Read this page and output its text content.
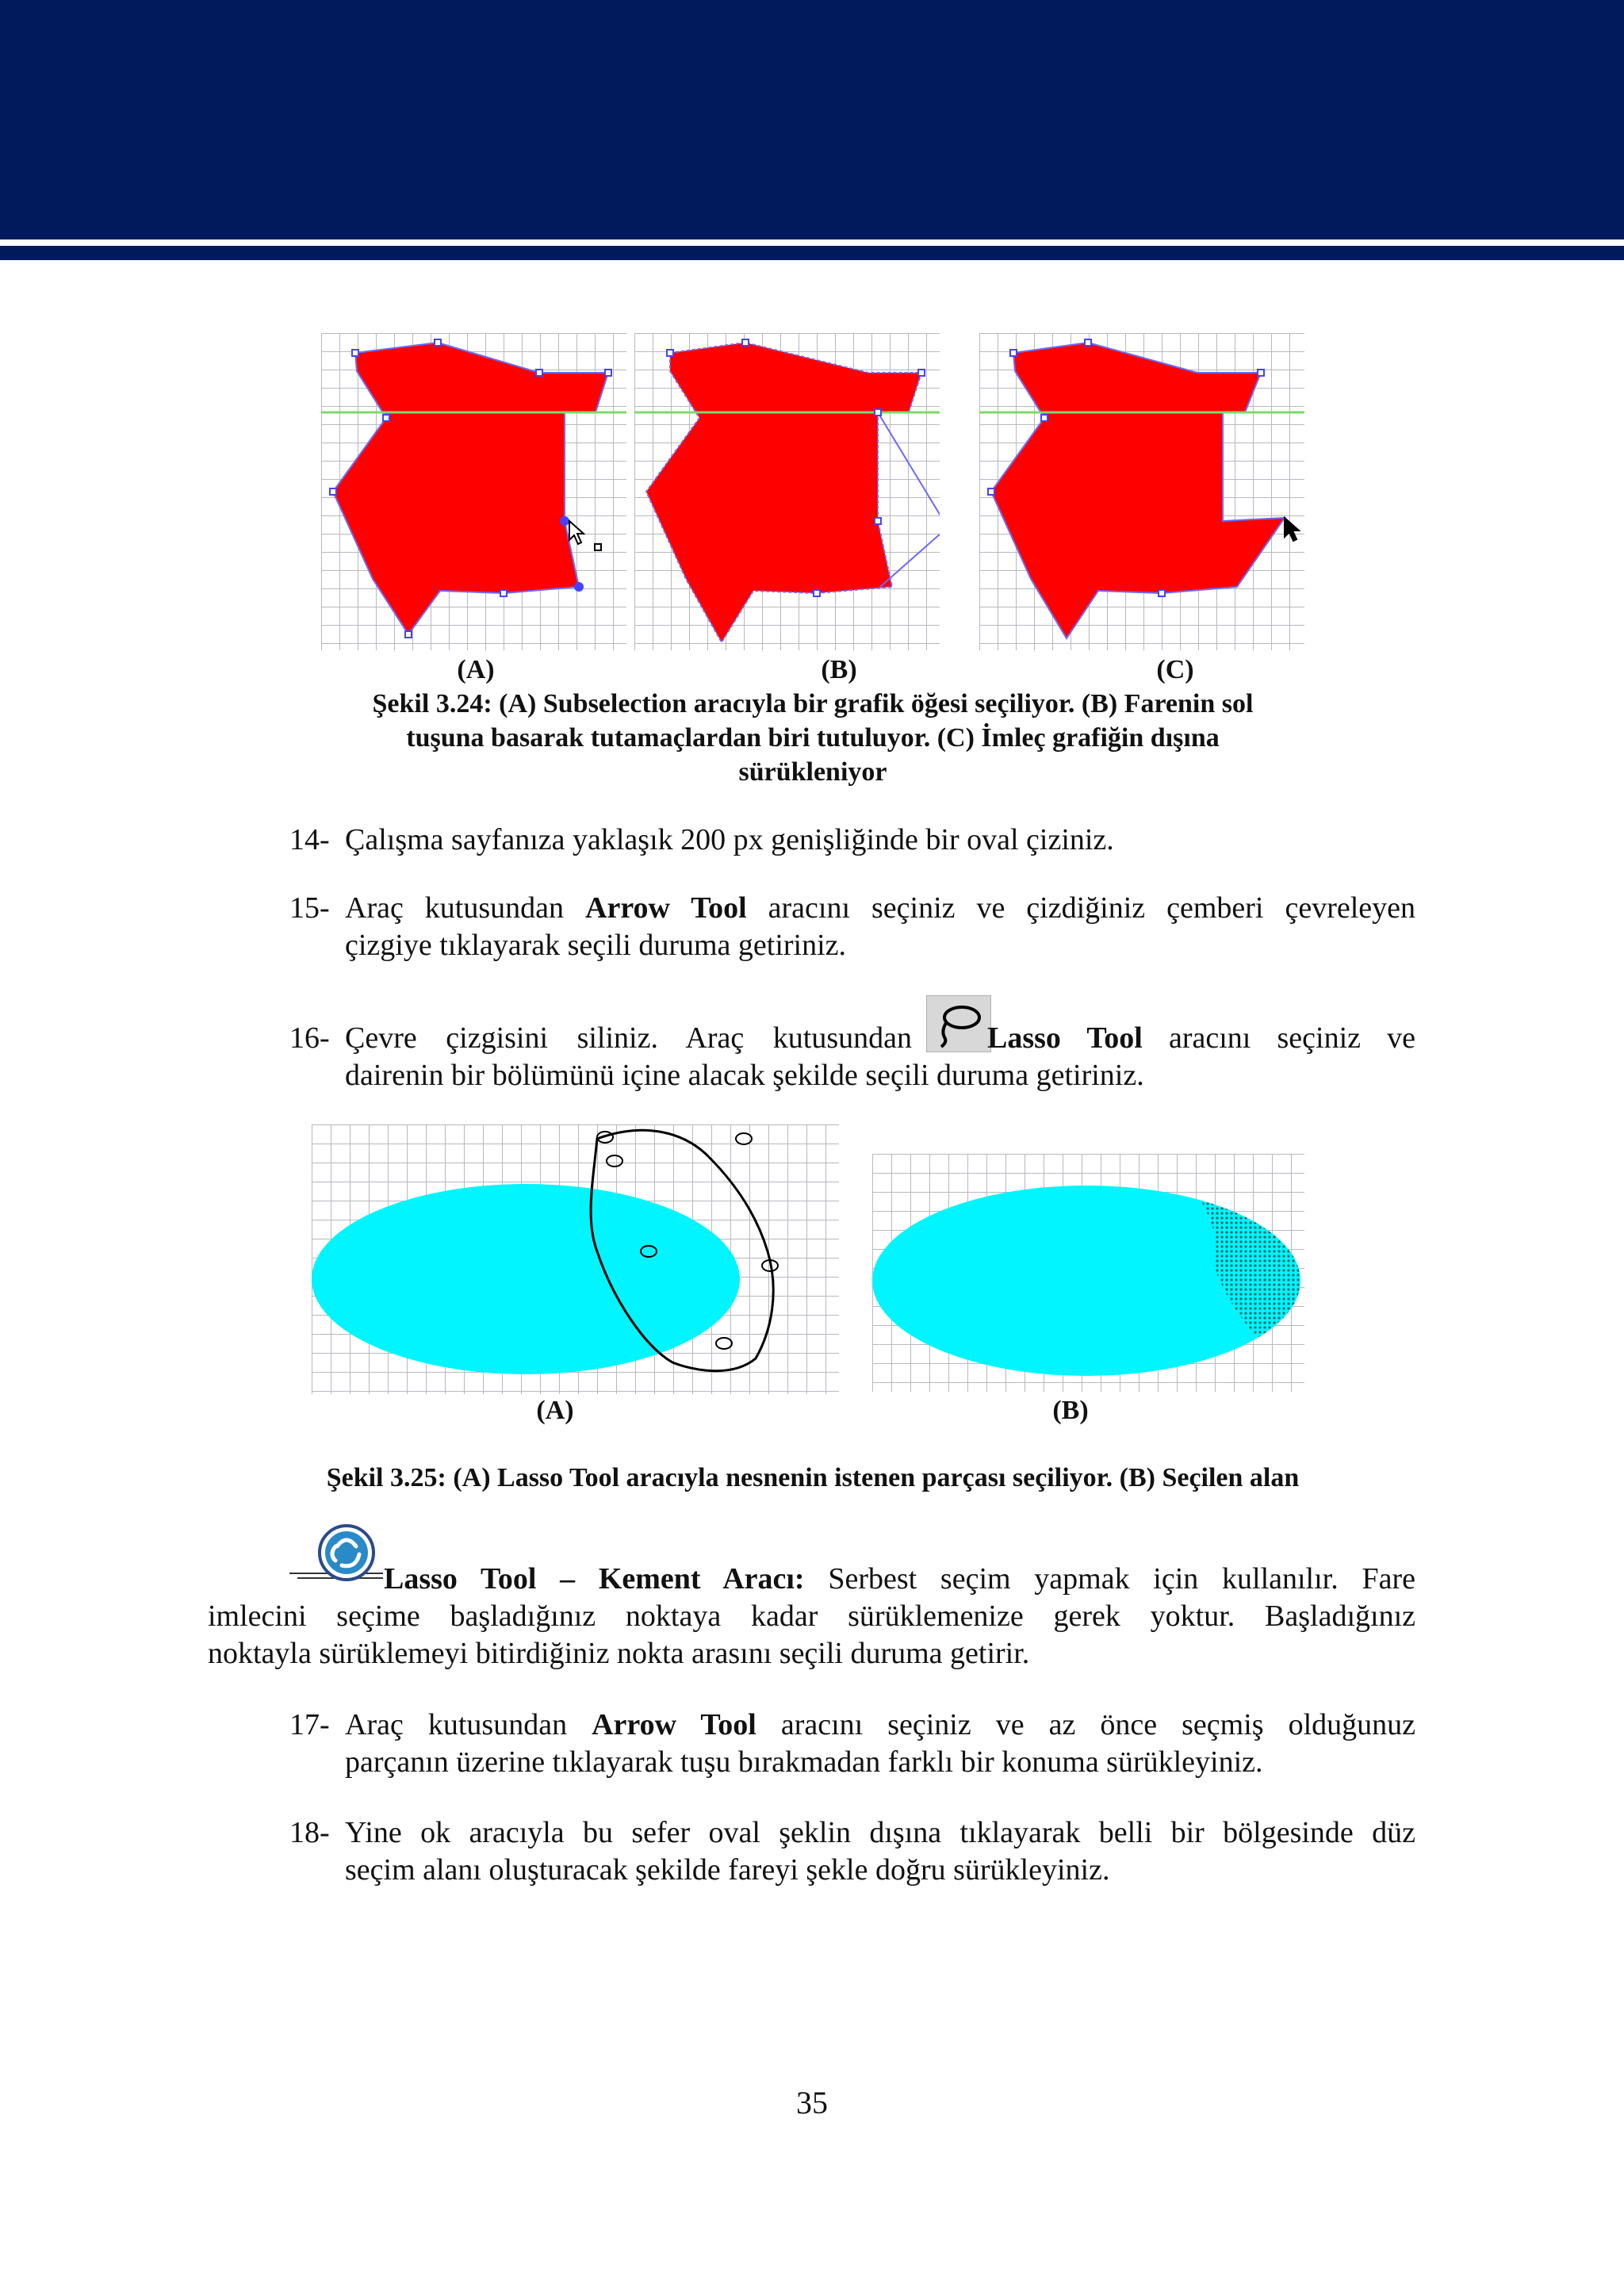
(A)	(B)	(C)
Şekil 3.24: (A) Subselection aracıyla bir grafik öğesi seçiliyor. (B) Farenin sol
tuşuna basarak tutamaçlardan biri tutuluyor. (C) İmleç grafiğin dışına
sürükleniyor
14- Çalışma sayfanıza yaklaşık 200 px genişliğinde bir oval çiziniz.
15- Araç kutusundan Arrow Tool aracını seçiniz ve çizdiğiniz çemberi çevreleyen
çizgiye tıklayarak seçili duruma getiriniz.
16- Çevre çizgisini siliniz. Araç kutusundan	Lasso Tool aracını seçiniz ve
dairenin bir bölümünü içine alacak şekilde seçili duruma getiriniz.
(A)	(B)
Şekil 3.25: (A) Lasso Tool aracıyla nesnenin istenen parçası seçiliyor. (B) Seçilen alan
Lasso Tool – Kement Aracı: Serbest seçim yapmak için kullanılır. Fare
imlecini seçime başladığınız noktaya kadar sürüklemenize gerek yoktur. Başladığınız
noktayla sürüklemeyi bitirdiğiniz nokta arasını seçili duruma getirir.
17- Araç kutusundan Arrow Tool aracını seçiniz ve az önce seçmiş olduğunuz
parçanın üzerine tıklayarak tuşu bırakmadan farklı bir konuma sürükleyiniz.
18- Yine ok aracıyla bu sefer oval şeklin dışına tıklayarak belli bir bölgesinde düz
seçim alanı oluşturacak şekilde fareyi şekle doğru sürükleyiniz.
35
